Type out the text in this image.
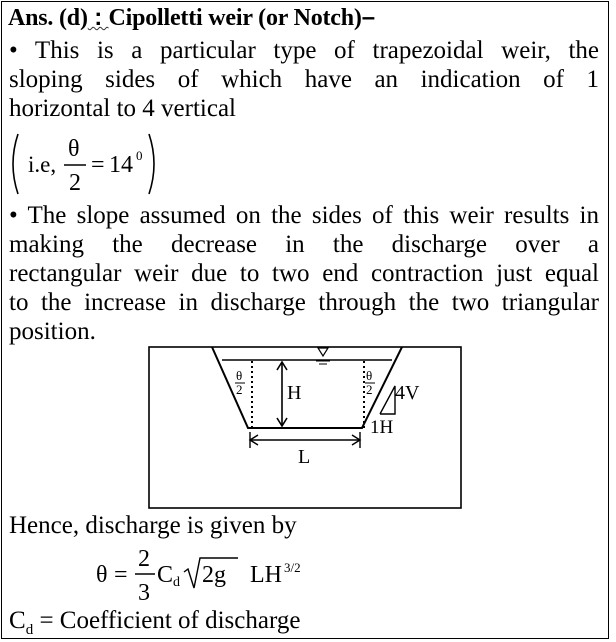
Ans. (d) : Cipolletti weir (or Notch)–
• This is a particular type of trapezoidal weir, the
sloping sides of which have an indication of 1
horizontal to 4 vertical
i.e,
θ
2
= 14 0
• The slope assumed on the sides of this weir results in
making the decrease in the discharge over a
rectangular weir due to two end contraction just equal
to the increase in discharge through the two triangular
position.
θ
2
θ
2
H	4V
1H
L
Hence, discharge is given by
θ =
2
3
C d 2g LH 3/2
$C_d$ = Coefficient of discharge
